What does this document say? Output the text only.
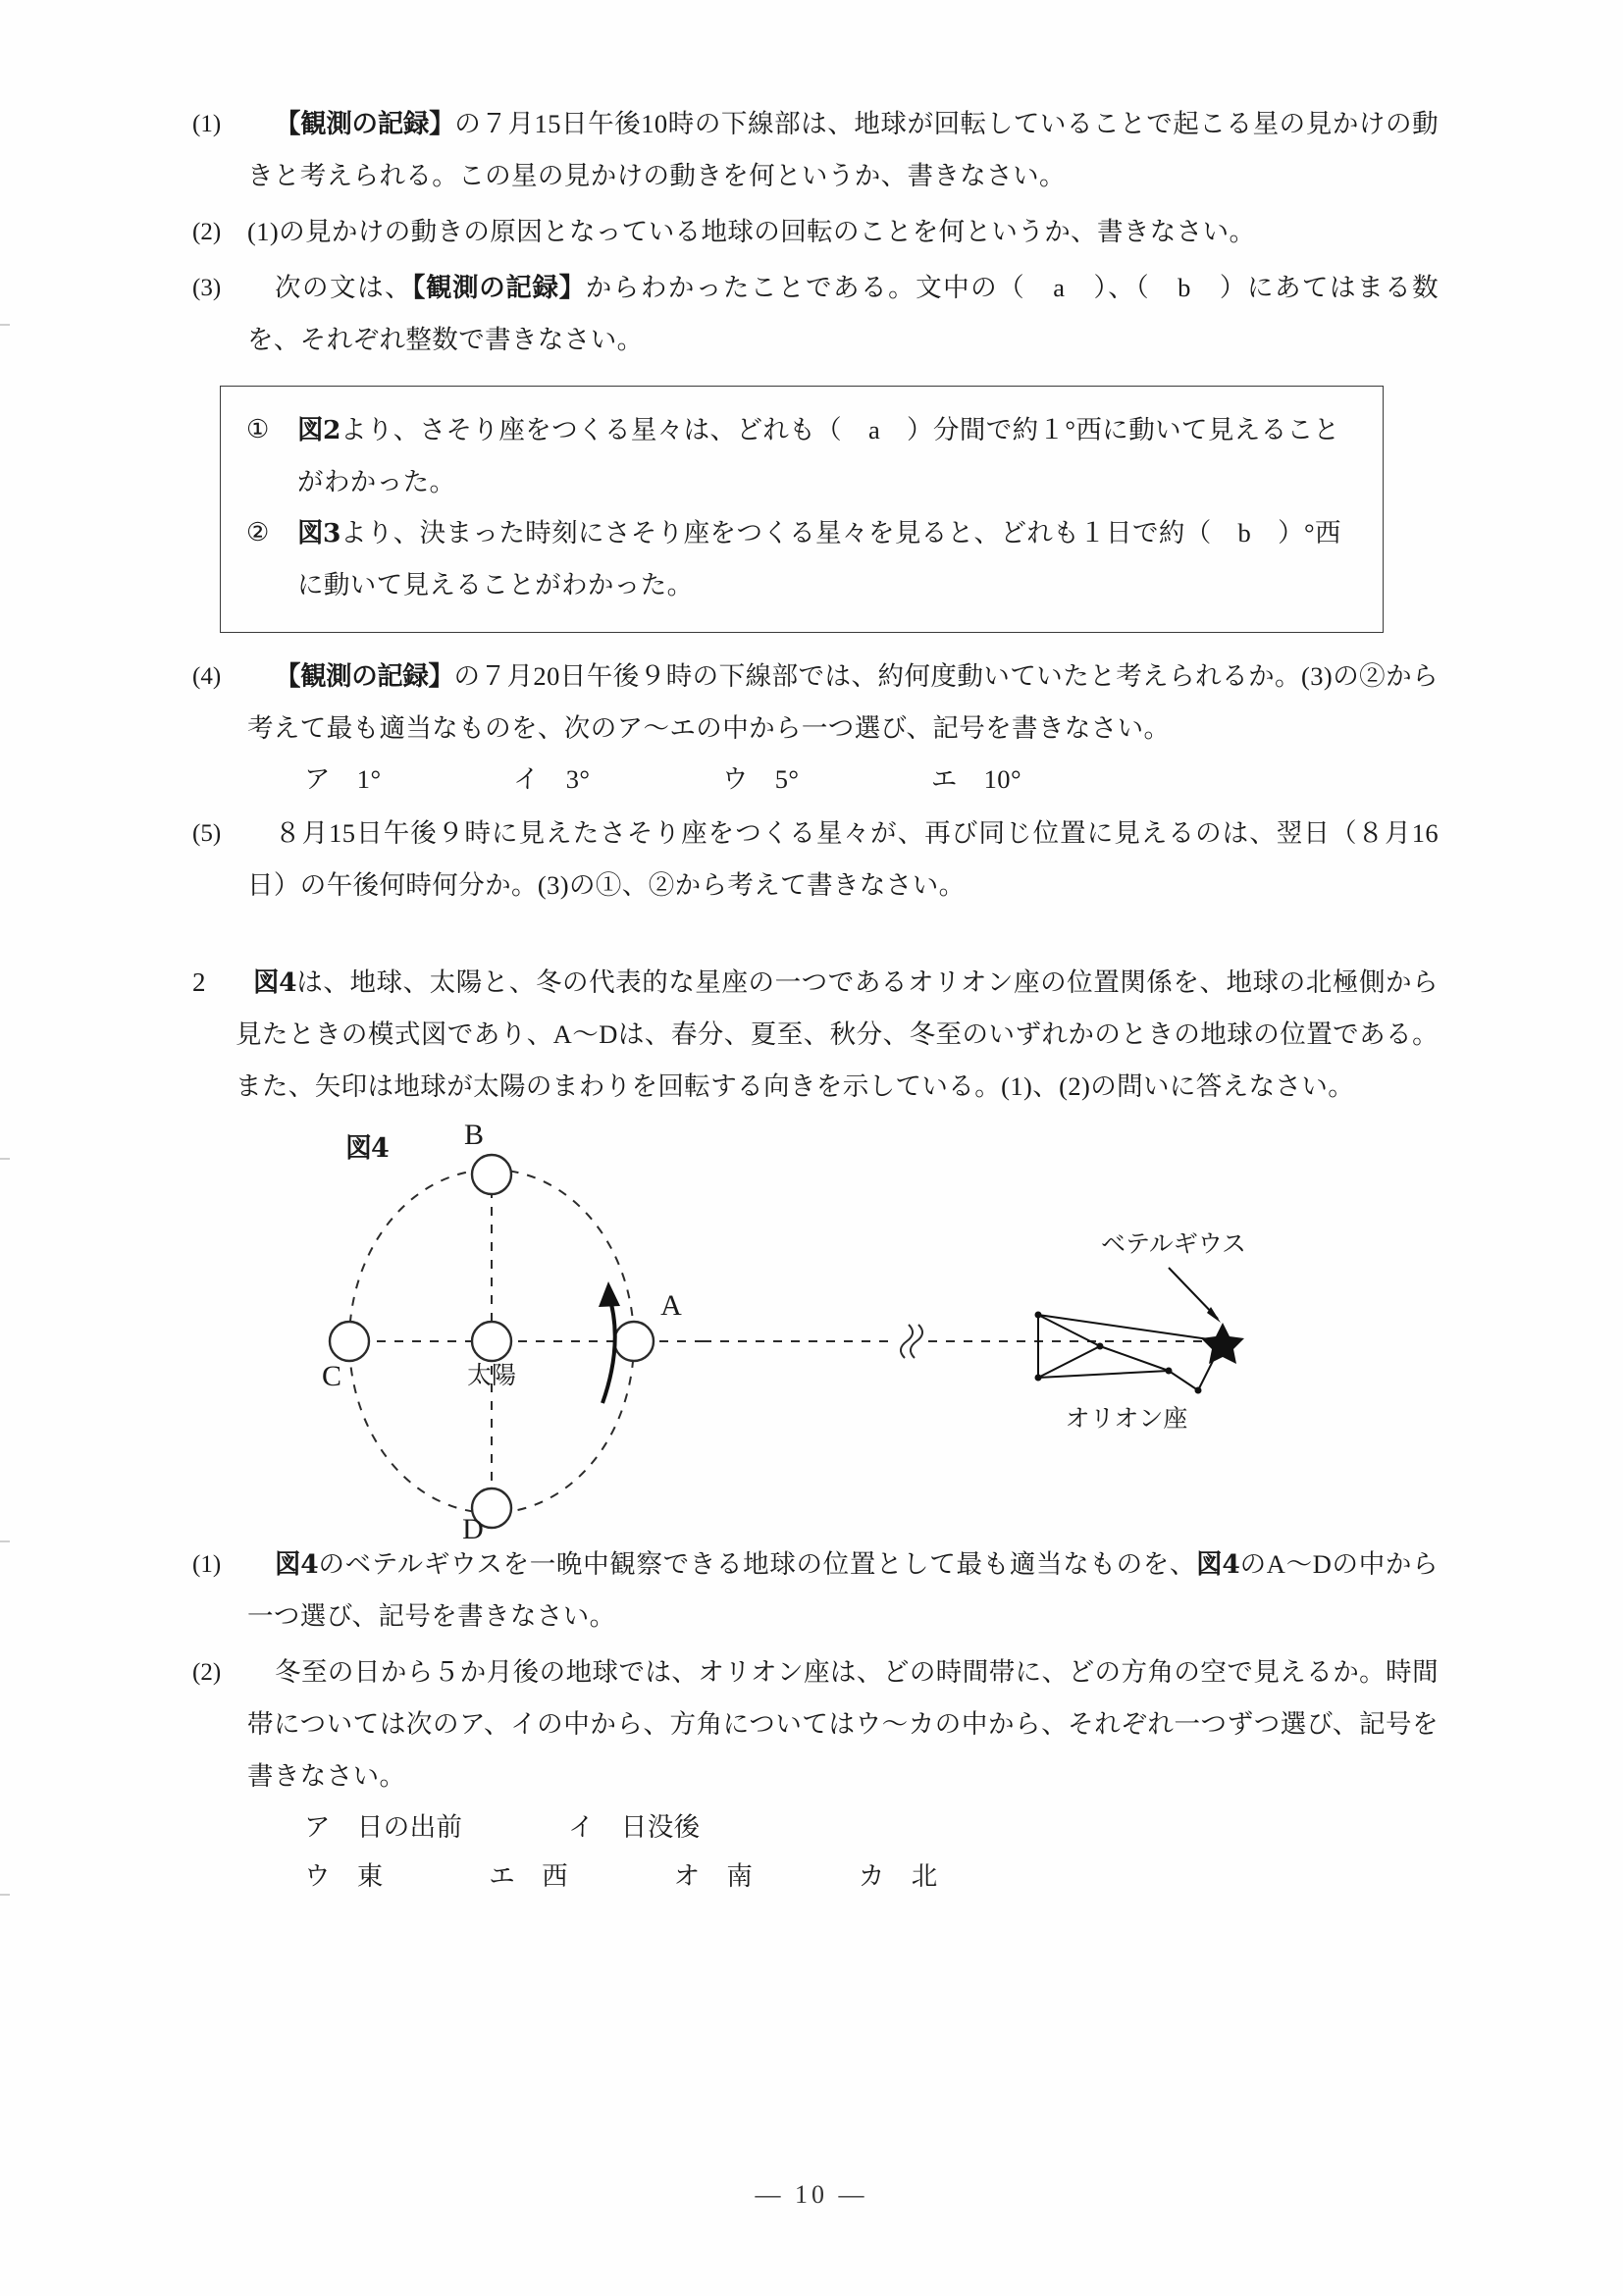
(1)	【観測の記録】の７月15日午後10時の下線部は、地球が回転していることで起こる星の見かけの動きと考えられる。この星の見かけの動きを何というか、書きなさい。
(2)	(1)の見かけの動きの原因となっている地球の回転のことを何というか、書きなさい。
(3)	次の文は、【観測の記録】からわかったことである。文中の（　a　）、（　b　）にあてはまる数を、それぞれ整数で書きなさい。
①	図2より、さそり座をつくる星々は、どれも（　a　）分間で約１°西に動いて見えることがわかった。
②	図3より、決まった時刻にさそり座をつくる星々を見ると、どれも１日で約（　b　）°西に動いて見えることがわかった。
(4)	【観測の記録】の７月20日午後９時の下線部では、約何度動いていたと考えられるか。(3)の②から考えて最も適当なものを、次のア～エの中から一つ選び、記号を書きなさい。
ア　1°　　　　　イ　3°　　　　　ウ　5°　　　　　エ　10°
(5)	８月15日午後９時に見えたさそり座をつくる星々が、再び同じ位置に見えるのは、翌日（８月16日）の午後何時何分か。(3)の①、②から考えて書きなさい。
2	図4は、地球、太陽と、冬の代表的な星座の一つであるオリオン座の位置関係を、地球の北極側から見たときの模式図であり、A～Dは、春分、夏至、秋分、冬至のいずれかのときの地球の位置である。また、矢印は地球が太陽のまわりを回転する向きを示している。(1)、(2)の問いに答えなさい。
図4
太陽
A
B
C
D
ベテルギウス
オリオン座
(1)	図4のベテルギウスを一晩中観察できる地球の位置として最も適当なものを、図4のA～Dの中から一つ選び、記号を書きなさい。
(2)	冬至の日から５か月後の地球では、オリオン座は、どの時間帯に、どの方角の空で見えるか。時間帯については次のア、イの中から、方角についてはウ～カの中から、それぞれ一つずつ選び、記号を書きなさい。
ア　日の出前　　　　イ　日没後
ウ　東　　　　エ　西　　　　オ　南　　　　カ　北
— 10 —
